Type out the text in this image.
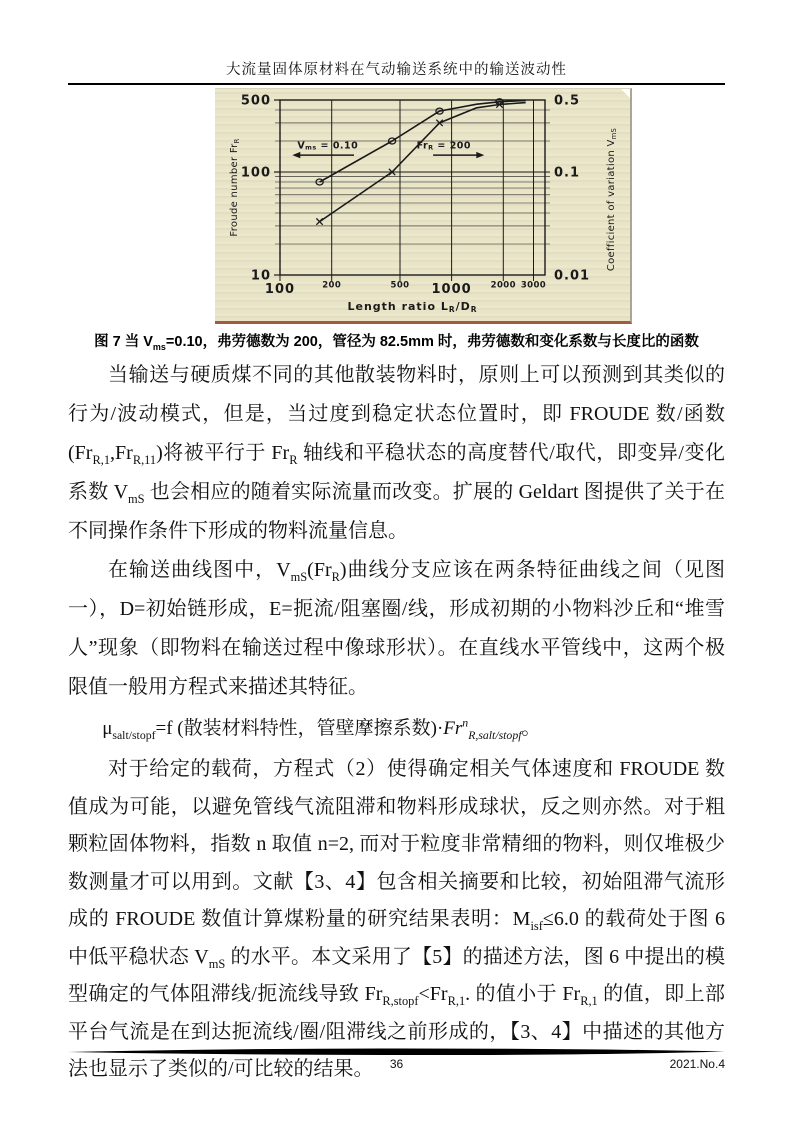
大流量固体原材料在气动输送系统中的输送波动性
100	200	500 1000 2000 3000
500
100
10
0.5
0.1
0.01
Length ratio LR/DR
Froude number FrR	Coefficient of variation VmS
Vms = 0.10	FrR = 200
图 7 当 $V_{ms}=0.10$，弗劳德数为 200，管径为 82.5mm 时，弗劳德数和变化系数与长度比的函数

当输送与硬质煤不同的其他散装物料时，原则上可以预测到其类似的行为/波动模式，但是，当过度到稳定状态位置时，即 FROUDE 数/函数$(Fr_{R,1},Fr_{R,11})$将被平行于 $Fr_R$ 轴线和平稳状态的高度替代/取代，即变异/变化系数 $V_{mS}$ 也会相应的随着实际流量而改变。扩展的 Geldart 图提供了关于在不同操作条件下形成的物料流量信息。

在输送曲线图中，$V_{mS}(Fr_R)$曲线分支应该在两条特征曲线之间（见图一），D=初始链形成，E=扼流/阻塞圈/线，形成初期的小物料沙丘和“堆雪人”现象（即物料在输送过程中像球形状）。在直线水平管线中，这两个极限值一般用方程式来描述其特征。

$\mu_{salt/stopf}=f$ (散装材料特性，管壁摩擦系数)$\cdot Fr^n_{R,salt/stopf}$。

对于给定的载荷，方程式（2）使得确定相关气体速度和 FROUDE 数值成为可能，以避免管线气流阻滞和物料形成球状，反之则亦然。对于粗颗粒固体物料，指数 n 取值 n=2, 而对于粒度非常精细的物料，则仅堆极少数测量才可以用到。文献【3、4】包含相关摘要和比较，初始阻滞气流形成的 FROUDE 数值计算煤粉量的研究结果表明：$M_{isf}\le 6.0$ 的载荷处于图 6 中低平稳状态 $V_{mS}$ 的水平。本文采用了【5】的描述方法，图 6 中提出的模型确定的气体阻滞线/扼流线导致 $Fr_{R,stopf}<Fr_{R,1}$. 的值小于 $Fr_{R,1}$ 的值，即上部平台气流是在到达扼流线/圈/阻滞线之前形成的，【3、4】中描述的其他方法也显示了类似的/可比较的结果。	36	2021.No.4
